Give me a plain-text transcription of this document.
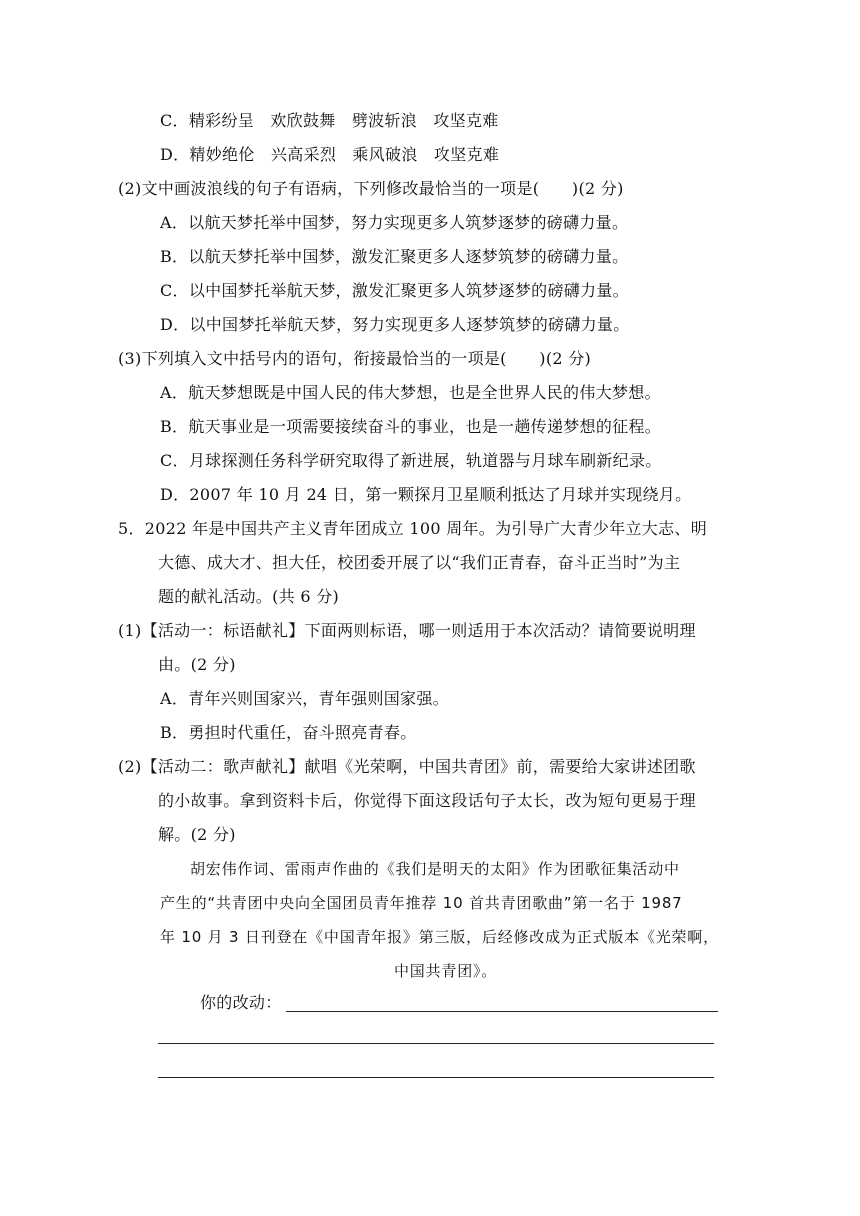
C．精彩纷呈　欢欣鼓舞　劈波斩浪　攻坚克难
D．精妙绝伦　兴高采烈　乘风破浪　攻坚克难
(2)文中画波浪线的句子有语病，下列修改最恰当的一项是(　　)(2 分)
A．以航天梦托举中国梦，努力实现更多人筑梦逐梦的磅礴力量。
B．以航天梦托举中国梦，激发汇聚更多人逐梦筑梦的磅礴力量。
C．以中国梦托举航天梦，激发汇聚更多人筑梦逐梦的磅礴力量。
D．以中国梦托举航天梦，努力实现更多人逐梦筑梦的磅礴力量。
(3)下列填入文中括号内的语句，衔接最恰当的一项是(　　)(2 分)
A．航天梦想既是中国人民的伟大梦想，也是全世界人民的伟大梦想。
B．航天事业是一项需要接续奋斗的事业，也是一趟传递梦想的征程。
C．月球探测任务科学研究取得了新进展，轨道器与月球车刷新纪录。
D．2007 年 10 月 24 日，第一颗探月卫星顺利抵达了月球并实现绕月。
5．2022 年是中国共产主义青年团成立 100 周年。为引导广大青少年立大志、明
大德、成大才、担大任，校团委开展了以“我们正青春，奋斗正当时”为主
题的献礼活动。(共 6 分)
(1)【活动一：标语献礼】下面两则标语，哪一则适用于本次活动？请简要说明理
由。(2 分)
A．青年兴则国家兴，青年强则国家强。
B．勇担时代重任，奋斗照亮青春。
(2)【活动二：歌声献礼】献唱《光荣啊，中国共青团》前，需要给大家讲述团歌
的小故事。拿到资料卡后，你觉得下面这段话句子太长，改为短句更易于理
解。(2 分)
胡宏伟作词、雷雨声作曲的《我们是明天的太阳》作为团歌征集活动中
产生的“共青团中央向全国团员青年推荐 10 首共青团歌曲”第一名于 1987
年 10 月 3 日刊登在《中国青年报》第三版，后经修改成为正式版本《光荣啊，
中国共青团》。
你的改动：
